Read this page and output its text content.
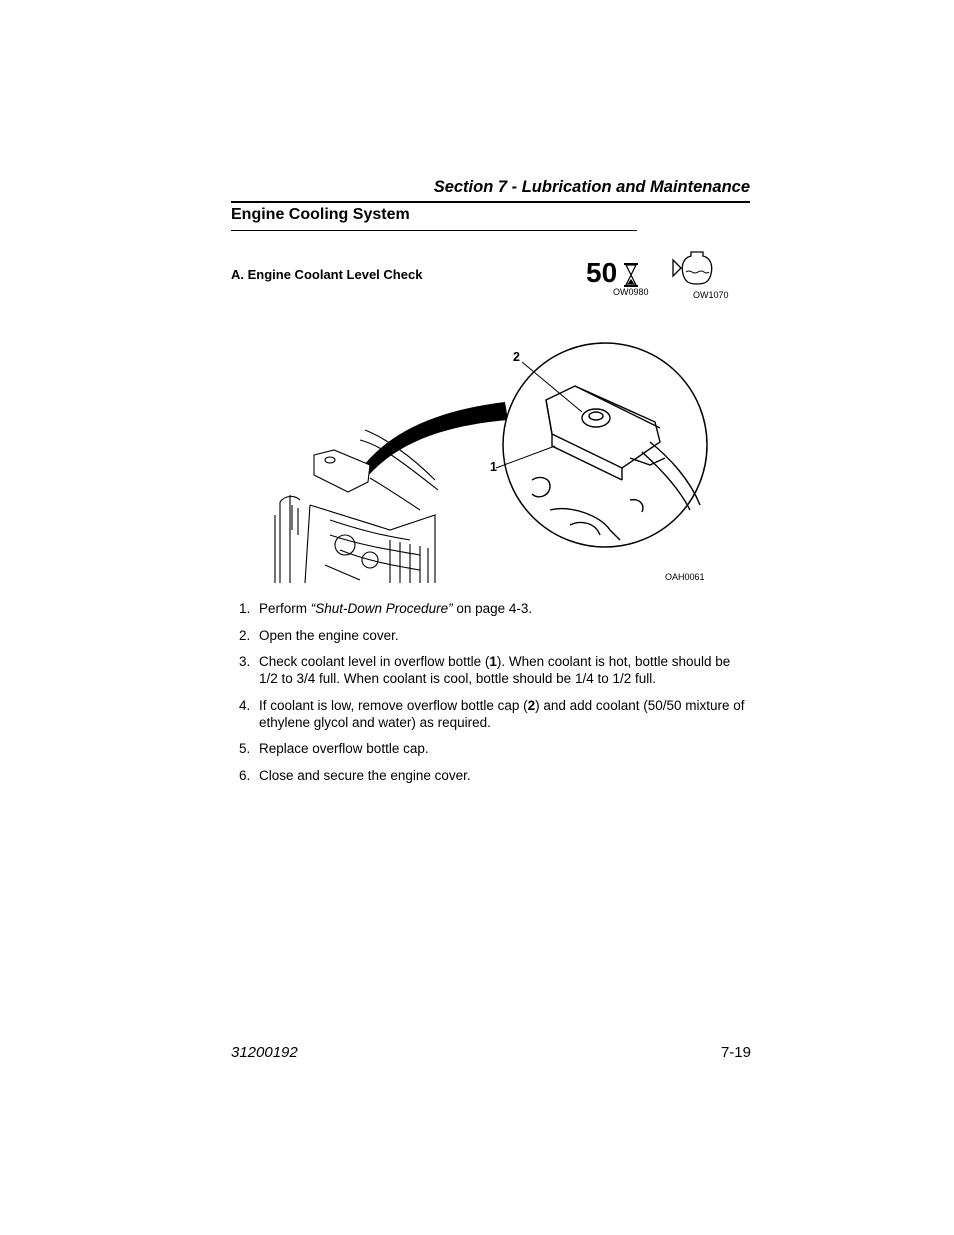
Section 7 - Lubrication and Maintenance
Engine Cooling System
A. Engine Coolant Level Check	50
OW0980	OW1070
2
1
OAH0061
1. Perform “Shut-Down Procedure” on page 4-3.
2. Open the engine cover.
3. Check coolant level in overflow bottle (1). When coolant is hot, bottle should be 1/2 to 3/4 full. When coolant is cool, bottle should be 1/4 to 1/2 full.
4. If coolant is low, remove overflow bottle cap (2) and add coolant (50/50 mixture of ethylene glycol and water) as required.
5. Replace overflow bottle cap.
6. Close and secure the engine cover.
31200192	7-19
